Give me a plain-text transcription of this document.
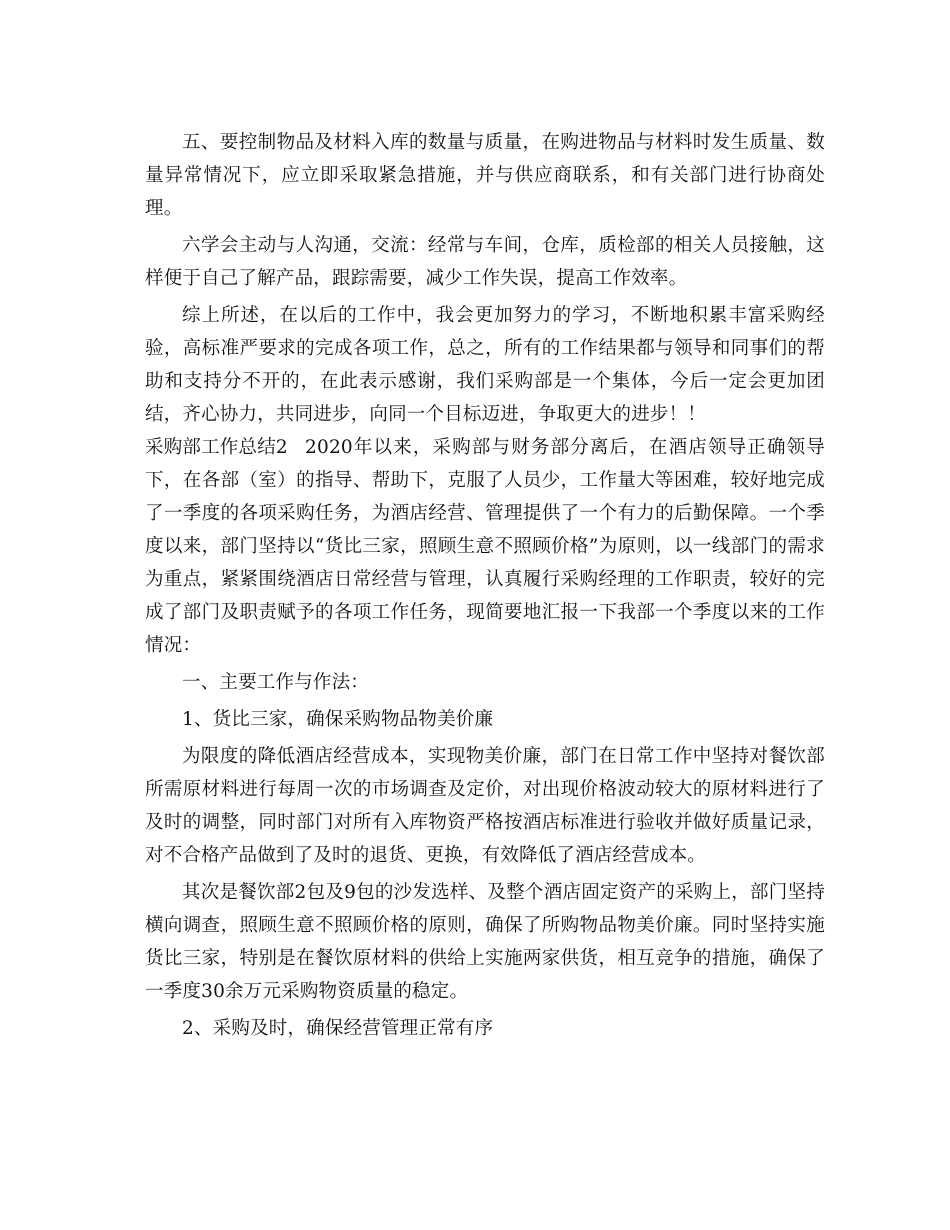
五、要控制物品及材料入库的数量与质量，在购进物品与材料时发生质量、数量异常情况下，应立即采取紧急措施，并与供应商联系，和有关部门进行协商处理。

六学会主动与人沟通，交流：经常与车间，仓库，质检部的相关人员接触，这样便于自己了解产品，跟踪需要，减少工作失误，提高工作效率。

综上所述，在以后的工作中，我会更加努力的学习，不断地积累丰富采购经验，高标准严要求的完成各项工作，总之，所有的工作结果都与领导和同事们的帮助和支持分不开的，在此表示感谢，我们采购部是一个集体，今后一定会更加团结，齐心协力，共同进步，向同一个目标迈进，争取更大的进步！！

采购部工作总结2 2020年以来，采购部与财务部分离后，在酒店领导正确领导下，在各部（室）的指导、帮助下，克服了人员少，工作量大等困难，较好地完成了一季度的各项采购任务，为酒店经营、管理提供了一个有力的后勤保障。一个季度以来，部门坚持以“货比三家，照顾生意不照顾价格”为原则，以一线部门的需求为重点，紧紧围绕酒店日常经营与管理，认真履行采购经理的工作职责，较好的完成了部门及职责赋予的各项工作任务，现简要地汇报一下我部一个季度以来的工作情况：

一、主要工作与作法：

1、货比三家，确保采购物品物美价廉

为限度的降低酒店经营成本，实现物美价廉，部门在日常工作中坚持对餐饮部所需原材料进行每周一次的市场调查及定价，对出现价格波动较大的原材料进行了及时的调整，同时部门对所有入库物资严格按酒店标准进行验收并做好质量记录，对不合格产品做到了及时的退货、更换，有效降低了酒店经营成本。

其次是餐饮部2包及9包的沙发选样、及整个酒店固定资产的采购上，部门坚持横向调查，照顾生意不照顾价格的原则，确保了所购物品物美价廉。同时坚持实施货比三家，特别是在餐饮原材料的供给上实施两家供货，相互竞争的措施，确保了一季度30余万元采购物资质量的稳定。

2、采购及时，确保经营管理正常有序
